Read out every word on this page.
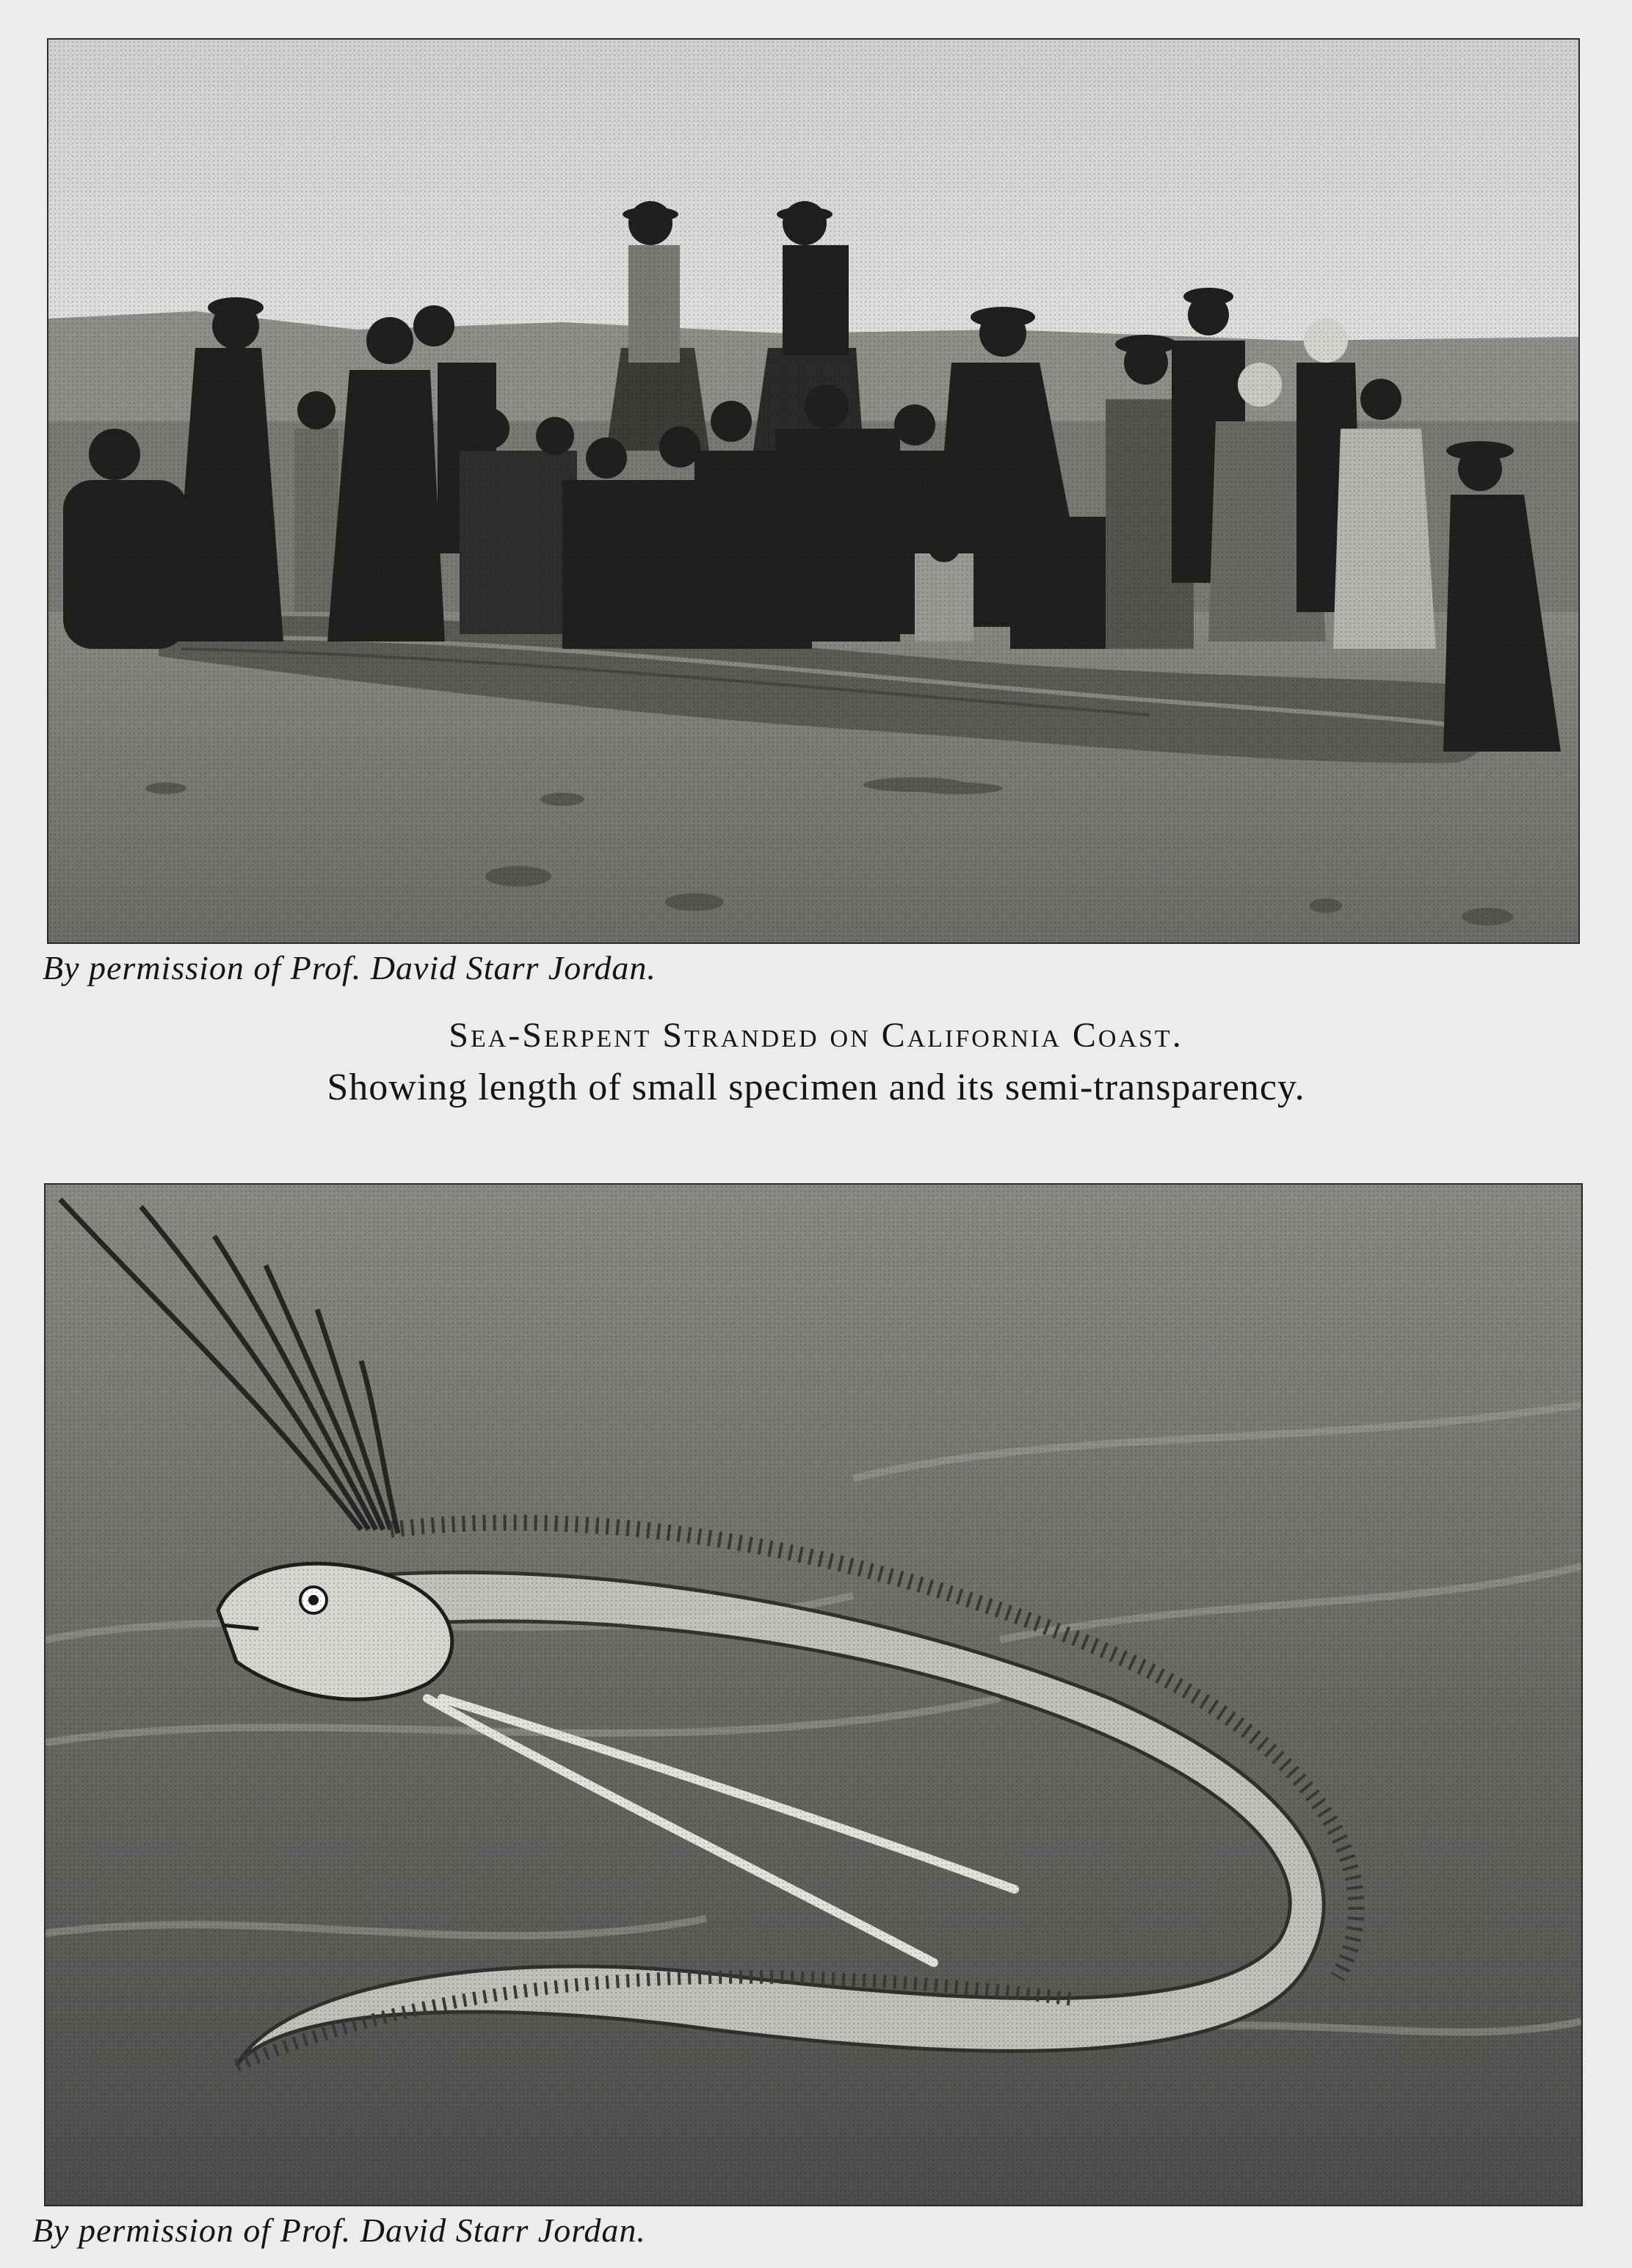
By permission of Prof. David Starr Jordan.
Sea-Serpent Stranded on California Coast.
Showing length of small specimen and its semi-transparency.
By permission of Prof. David Starr Jordan.
